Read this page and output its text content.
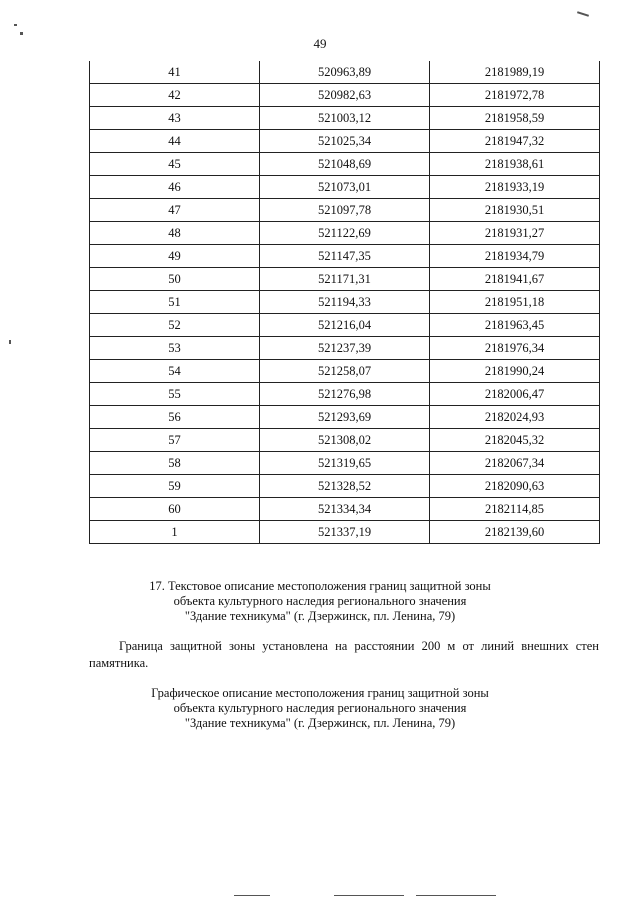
49
41	520963,89	2181989,19
42	520982,63	2181972,78
43	521003,12	2181958,59
44	521025,34	2181947,32
45	521048,69	2181938,61
46	521073,01	2181933,19
47	521097,78	2181930,51
48	521122,69	2181931,27
49	521147,35	2181934,79
50	521171,31	2181941,67
51	521194,33	2181951,18
52	521216,04	2181963,45
53	521237,39	2181976,34
54	521258,07	2181990,24
55	521276,98	2182006,47
56	521293,69	2182024,93
57	521308,02	2182045,32
58	521319,65	2182067,34
59	521328,52	2182090,63
60	521334,34	2182114,85
1	521337,19	2182139,60

17. Текстовое описание местоположения границ защитной зоны

объекта культурного наследия регионального значения

"Здание техникума" (г. Дзержинск, пл. Ленина, 79)

Граница защитной зоны установлена на расстоянии 200 м от линий внешних стен памятника.

Графическое описание местоположения границ защитной зоны

объекта культурного наследия регионального значения

"Здание техникума" (г. Дзержинск, пл. Ленина, 79)
